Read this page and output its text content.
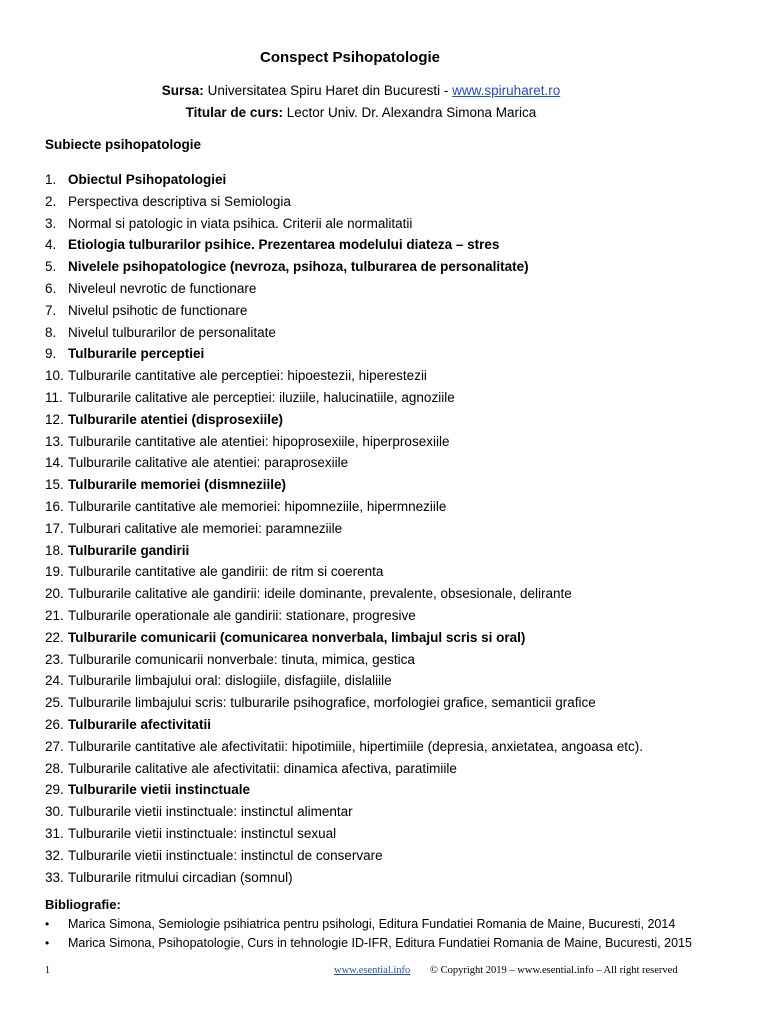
Conspect Psihopatologie
Sursa: Universitatea Spiru Haret din Bucuresti - www.spiruharet.ro
Titular de curs: Lector Univ. Dr. Alexandra Simona Marica
Subiecte psihopatologie
1. Obiectul Psihopatologiei
2. Perspectiva descriptiva si Semiologia
3. Normal si patologic in viata psihica. Criterii ale normalitatii
4. Etiologia tulburarilor psihice. Prezentarea modelului diateza – stres
5. Nivelele psihopatologice (nevroza, psihoza, tulburarea de personalitate)
6. Niveleul nevrotic de functionare
7. Nivelul psihotic de functionare
8. Nivelul tulburarilor de personalitate
9. Tulburarile perceptiei
10. Tulburarile cantitative ale perceptiei: hipoestezii, hiperestezii
11. Tulburarile calitative ale perceptiei: iluziile, halucinatiile, agnoziile
12. Tulburarile atentiei (disprosexiile)
13. Tulburarile cantitative ale atentiei: hipoprosexiile, hiperprosexiile
14. Tulburarile calitative ale atentiei: paraprosexiile
15. Tulburarile memoriei (dismneziile)
16. Tulburarile cantitative ale memoriei: hipomneziile, hipermneziile
17. Tulburari calitative ale memoriei: paramneziile
18. Tulburarile gandirii
19. Tulburarile cantitative ale gandirii: de ritm si coerenta
20. Tulburarile calitative ale gandirii: ideile dominante, prevalente, obsesionale, delirante
21. Tulburarile operationale ale gandirii: stationare, progresive
22. Tulburarile comunicarii (comunicarea nonverbala, limbajul scris si oral)
23. Tulburarile comunicarii nonverbale: tinuta, mimica, gestica
24. Tulburarile limbajului oral: dislogiile, disfagiile, dislaliile
25. Tulburarile limbajului scris: tulburarile psihografice, morfologiei grafice, semanticii grafice
26. Tulburarile afectivitatii
27. Tulburarile cantitative ale afectivitatii: hipotimiile, hipertimiile (depresia, anxietatea, angoasa etc).
28. Tulburarile calitative ale afectivitatii: dinamica afectiva, paratimiile
29. Tulburarile vietii instinctuale
30. Tulburarile vietii instinctuale: instinctul alimentar
31. Tulburarile vietii instinctuale: instinctul sexual
32. Tulburarile vietii instinctuale: instinctul de conservare
33. Tulburarile ritmului circadian (somnul)
Bibliografie:
• Marica Simona, Semiologie psihiatrica pentru psihologi, Editura Fundatiei Romania de Maine, Bucuresti, 2014
• Marica Simona, Psihopatologie, Curs in tehnologie ID-IFR, Editura Fundatiei Romania de Maine, Bucuresti, 2015
1	www.esential.info © Copyright 2019 – www.esential.info – All right reserved
